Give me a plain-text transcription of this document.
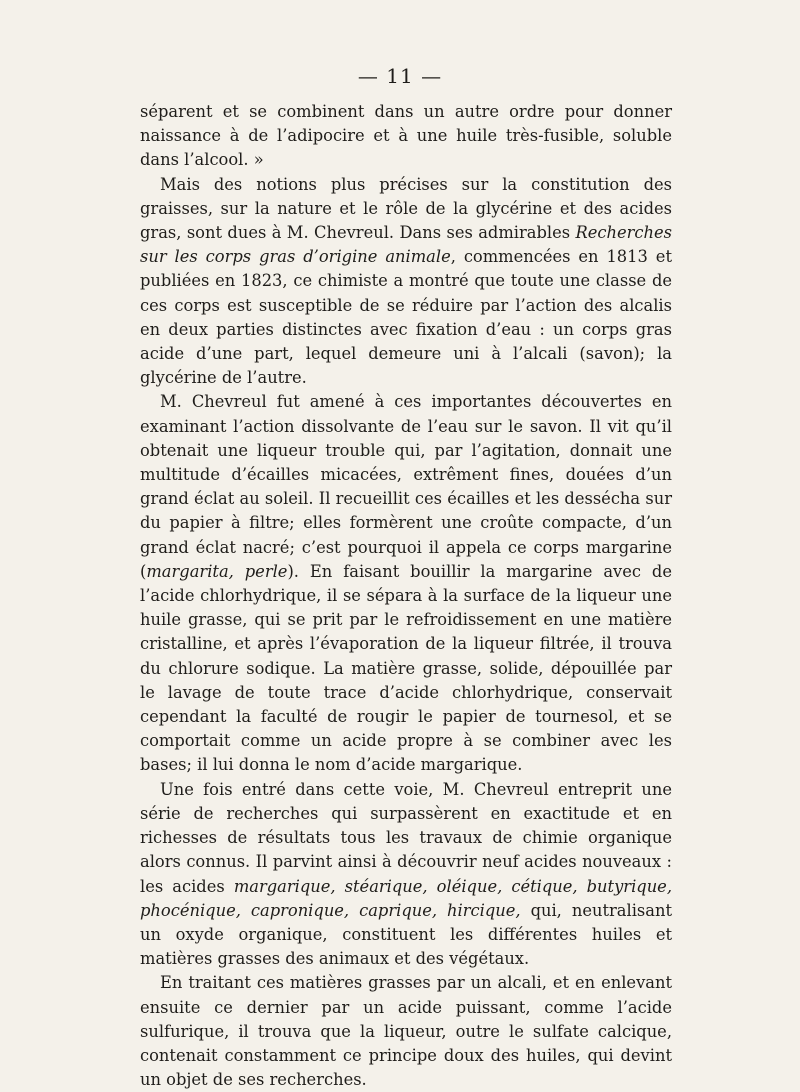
— 11 —

séparent et se combinent dans un autre ordre pour donner naissance à de l’adipocire et à une huile très-fusible, soluble dans l’alcool. »

Mais des notions plus précises sur la constitution des graisses, sur la nature et le rôle de la glycérine et des acides gras, sont dues à M. Chevreul. Dans ses admirables Recherches sur les corps gras d’origine animale, commencées en 1813 et publiées en 1823, ce chimiste a montré que toute une classe de ces corps est susceptible de se réduire par l’action des alcalis en deux parties distinctes avec fixation d’eau : un corps gras acide d’une part, lequel demeure uni à l’alcali (savon); la glycérine de l’autre.

M. Chevreul fut amené à ces importantes découvertes en examinant l’action dissolvante de l’eau sur le savon. Il vit qu’il obtenait une liqueur trouble qui, par l’agitation, donnait une multitude d’écailles micacées, extrêment fines, douées d’un grand éclat au soleil. Il recueillit ces écailles et les dessécha sur du papier à filtre; elles formèrent une croûte compacte, d’un grand éclat nacré; c’est pourquoi il appela ce corps margarine (margarita, perle). En faisant bouillir la margarine avec de l’acide chlorhydrique, il se sépara à la surface de la liqueur une huile grasse, qui se prit par le refroidissement en une matière cristalline, et après l’évaporation de la liqueur filtrée, il trouva du chlorure sodique. La matière grasse, solide, dépouillée par le lavage de toute trace d’acide chlorhydrique, conservait cependant la faculté de rougir le papier de tournesol, et se comportait comme un acide propre à se combiner avec les bases; il lui donna le nom d’acide margarique.

Une fois entré dans cette voie, M. Chevreul entreprit une série de recherches qui surpassèrent en exactitude et en richesses de résultats tous les travaux de chimie organique alors connus. Il parvint ainsi à découvrir neuf acides nouveaux : les acides margarique, stéarique, oléique, cétique, butyrique, phocénique, capronique, caprique, hircique, qui, neutralisant un oxyde organique, constituent les différentes huiles et matières grasses des animaux et des végétaux.

En traitant ces matières grasses par un alcali, et en enlevant ensuite ce dernier par un acide puissant, comme l’acide sulfurique, il trouva que la liqueur, outre le sulfate calcique, contenait constamment ce principe doux des huiles, qui devint un objet de ses recherches.
